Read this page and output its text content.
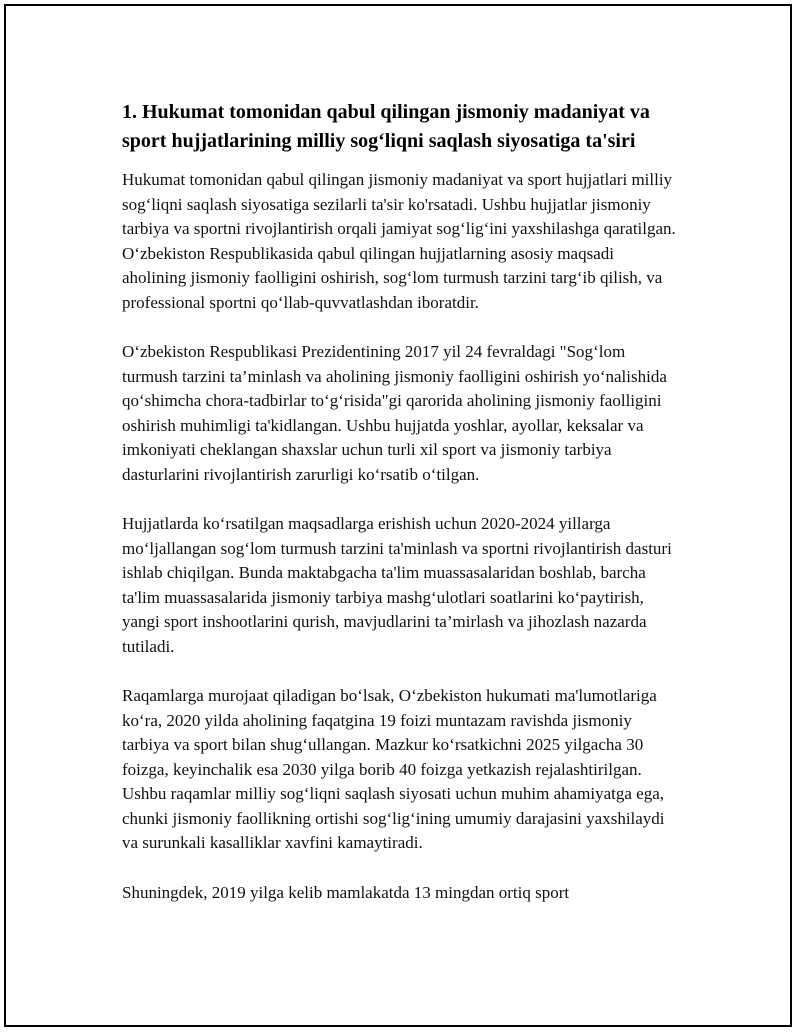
1. Hukumat tomonidan qabul qilingan jismoniy madaniyat va sport hujjatlarining milliy sog‘liqni saqlash siyosatiga ta'siri

Hukumat tomonidan qabul qilingan jismoniy madaniyat va sport hujjatlari milliy sog‘liqni saqlash siyosatiga sezilarli ta'sir ko'rsatadi. Ushbu hujjatlar jismoniy tarbiya va sportni rivojlantirish orqali jamiyat sog‘lig‘ini yaxshilashga qaratilgan. O‘zbekiston Respublikasida qabul qilingan hujjatlarning asosiy maqsadi aholining jismoniy faolligini oshirish, sog‘lom turmush tarzini targ‘ib qilish, va professional sportni qo‘llab-quvvatlashdan iboratdir.

O‘zbekiston Respublikasi Prezidentining 2017 yil 24 fevraldagi "Sog‘lom turmush tarzini ta’minlash va aholining jismoniy faolligini oshirish yo‘nalishida qo‘shimcha chora-tadbirlar to‘g‘risida"gi qarorida aholining jismoniy faolligini oshirish muhimligi ta'kidlangan. Ushbu hujjatda yoshlar, ayollar, keksalar va imkoniyati cheklangan shaxslar uchun turli xil sport va jismoniy tarbiya dasturlarini rivojlantirish zarurligi ko‘rsatib o‘tilgan.

Hujjatlarda ko‘rsatilgan maqsadlarga erishish uchun 2020-2024 yillarga mo‘ljallangan sog‘lom turmush tarzini ta'minlash va sportni rivojlantirish dasturi ishlab chiqilgan. Bunda maktabgacha ta'lim muassasalaridan boshlab, barcha ta'lim muassasalarida jismoniy tarbiya mashg‘ulotlari soatlarini ko‘paytirish, yangi sport inshootlarini qurish, mavjudlarini ta’mirlash va jihozlash nazarda tutiladi.

Raqamlarga murojaat qiladigan bo‘lsak, O‘zbekiston hukumati ma'lumotlariga ko‘ra, 2020 yilda aholining faqatgina 19 foizi muntazam ravishda jismoniy tarbiya va sport bilan shug‘ullangan. Mazkur ko‘rsatkichni 2025 yilgacha 30 foizga, keyinchalik esa 2030 yilga borib 40 foizga yetkazish rejalashtirilgan. Ushbu raqamlar milliy sog‘liqni saqlash siyosati uchun muhim ahamiyatga ega, chunki jismoniy faollikning ortishi sog‘lig‘ining umumiy darajasini yaxshilaydi va surunkali kasalliklar xavfini kamaytiradi.

Shuningdek, 2019 yilga kelib mamlakatda 13 mingdan ortiq sport
